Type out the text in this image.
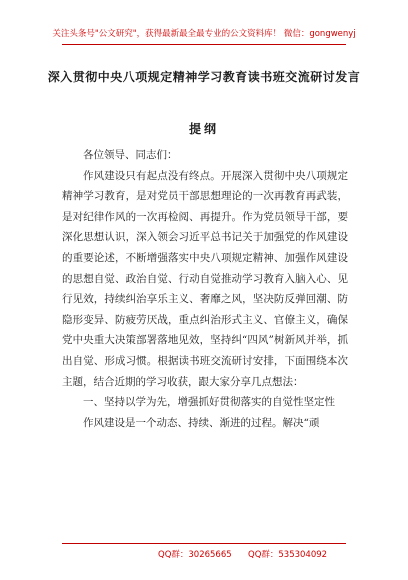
关注头条号"公文研究"，获得最新最全最专业的公文资料库！ 微信：gongwenyj
深入贯彻中央八项规定精神学习教育读书班交流研讨发言
提纲

各位领导、同志们：

作风建设只有起点没有终点。开展深入贯彻中央八项规定精神学习教育，是对党员干部思想理论的一次再教育再武装，是对纪律作风的一次再检阅、再提升。作为党员领导干部，要深化思想认识，深入领会习近平总书记关于加强党的作风建设的重要论述，不断增强落实中央八项规定精神、加强作风建设的思想自觉、政治自觉、行动自觉推动学习教育入脑入心、见行见效，持续纠治享乐主义、奢靡之风，坚决防反弹回潮、防隐形变异、防疲劳厌战，重点纠治形式主义、官僚主义，确保党中央重大决策部署落地见效，坚持纠“四风”树新风并举，抓出自觉、形成习惯。根据读书班交流研讨安排，下面围绕本次主题，结合近期的学习收获，跟大家分享几点想法：

一、坚持以学为先，增强抓好贯彻落实的自觉性坚定性

作风建设是一个动态、持续、渐进的过程。解决“顽

QQ群：30265665 QQ群：535304092
